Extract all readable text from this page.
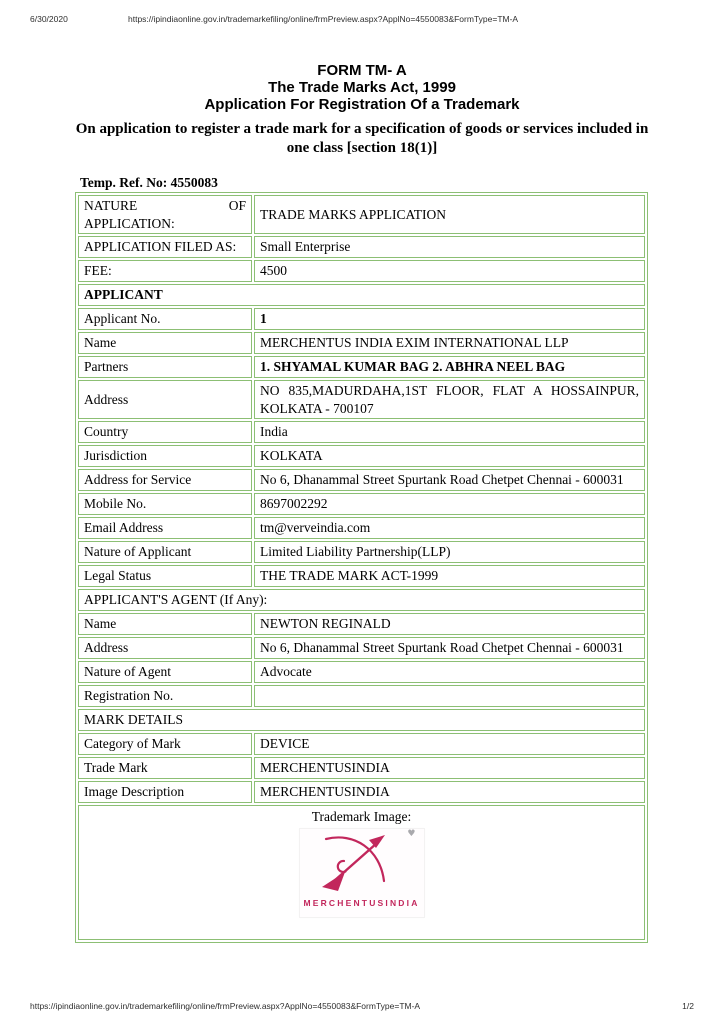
6/30/2020	https://ipindiaonline.gov.in/trademarkefiling/online/frmPreview.aspx?ApplNo=4550083&FormType=TM-A
FORM TM- A
The Trade Marks Act, 1999
Application For Registration Of a Trademark
On application to register a trade mark for a specification of goods or services included in
one class [section 18(1)]
Temp. Ref. No: 4550083
NATURE OF APPLICATION:	TRADE MARKS APPLICATION
APPLICATION FILED AS:	Small Enterprise
FEE:	4500
APPLICANT	
Applicant No.	1
Name	MERCHENTUS INDIA EXIM INTERNATIONAL LLP
Partners	1. SHYAMAL KUMAR BAG 2. ABHRA NEEL BAG
Address	NO 835,MADURDAHA,1ST FLOOR, FLAT A HOSSAINPUR, KOLKATA - 700107
Country	India
Jurisdiction	KOLKATA
Address for Service	No 6, Dhanammal Street Spurtank Road Chetpet Chennai - 600031
Mobile No.	8697002292
Email Address	tm@verveindia.com
Nature of Applicant	Limited Liability Partnership(LLP)
Legal Status	THE TRADE MARK ACT-1999
APPLICANT'S AGENT (If Any):	
Name	NEWTON REGINALD
Address	No 6, Dhanammal Street Spurtank Road Chetpet Chennai - 600031
Nature of Agent	Advocate
Registration No.	
MARK DETAILS	
Category of Mark	DEVICE
Trade Mark	MERCHENTUSINDIA
Image Description	MERCHENTUSINDIA

Trademark Image:
♥
MERCHENTUSINDIA	
https://ipindiaonline.gov.in/trademarkefiling/online/frmPreview.aspx?ApplNo=4550083&FormType=TM-A	1/2
